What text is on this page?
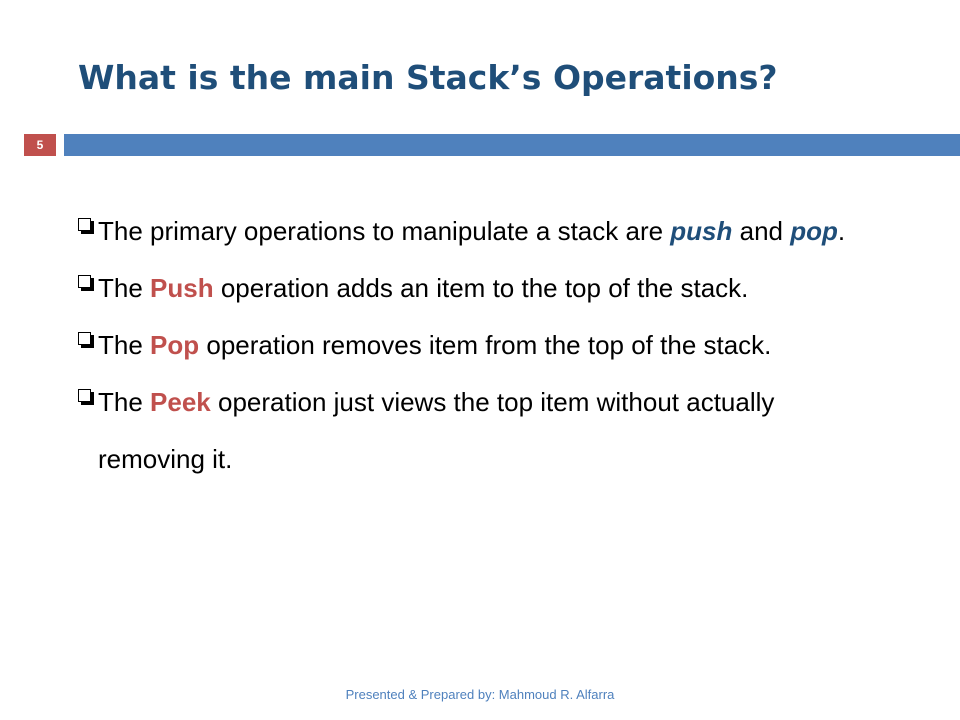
What is the main Stack’s Operations?
5
The primary operations to manipulate a stack are push and pop.
The Push operation adds an item to the top of the stack.
The Pop operation removes item from the top of the stack.
The Peek operation just views the top item without actually removing it.
Presented & Prepared by: Mahmoud R. Alfarra
